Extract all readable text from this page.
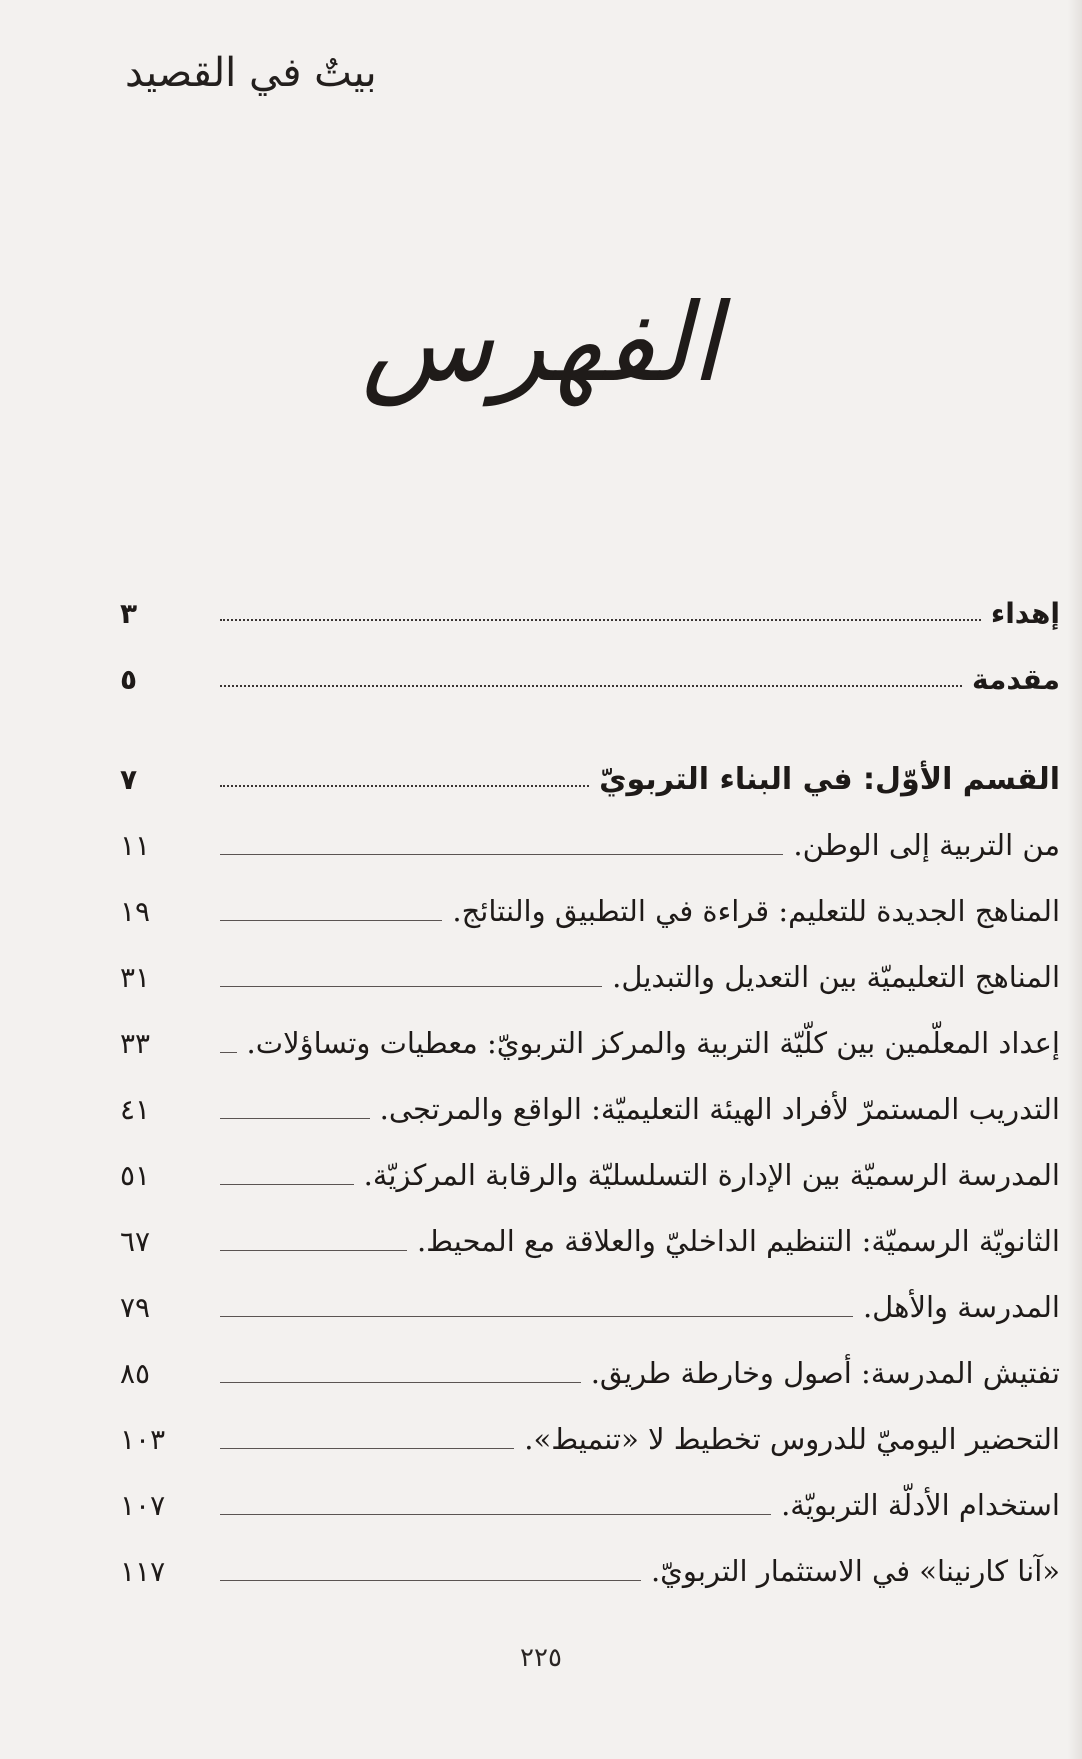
بيتٌ في القصيد
الفهرس
إهداء
٣
مقدمة
٥
القسم الأوّل: في البناء التربويّ
٧
من التربية إلى الوطن.
١١
المناهج الجديدة للتعليم: قراءة في التطبيق والنتائج.
١٩
المناهج التعليميّة بين التعديل والتبديل.
٣١
إعداد المعلّمين بين كلّيّة التربية والمركز التربويّ: معطيات وتساؤلات.
٣٣
التدريب المستمرّ لأفراد الهيئة التعليميّة: الواقع والمرتجى.
٤١
المدرسة الرسميّة بين الإدارة التسلسليّة والرقابة المركزيّة.
٥١
الثانويّة الرسميّة: التنظيم الداخليّ والعلاقة مع المحيط.
٦٧
المدرسة والأهل.
٧٩
تفتيش المدرسة: أصول وخارطة طريق.
٨٥
التحضير اليوميّ للدروس تخطيط لا «تنميط».
١٠٣
استخدام الأدلّة التربويّة.
١٠٧
«آنا كارنينا» في الاستثمار التربويّ.
١١٧
٢٢٥
